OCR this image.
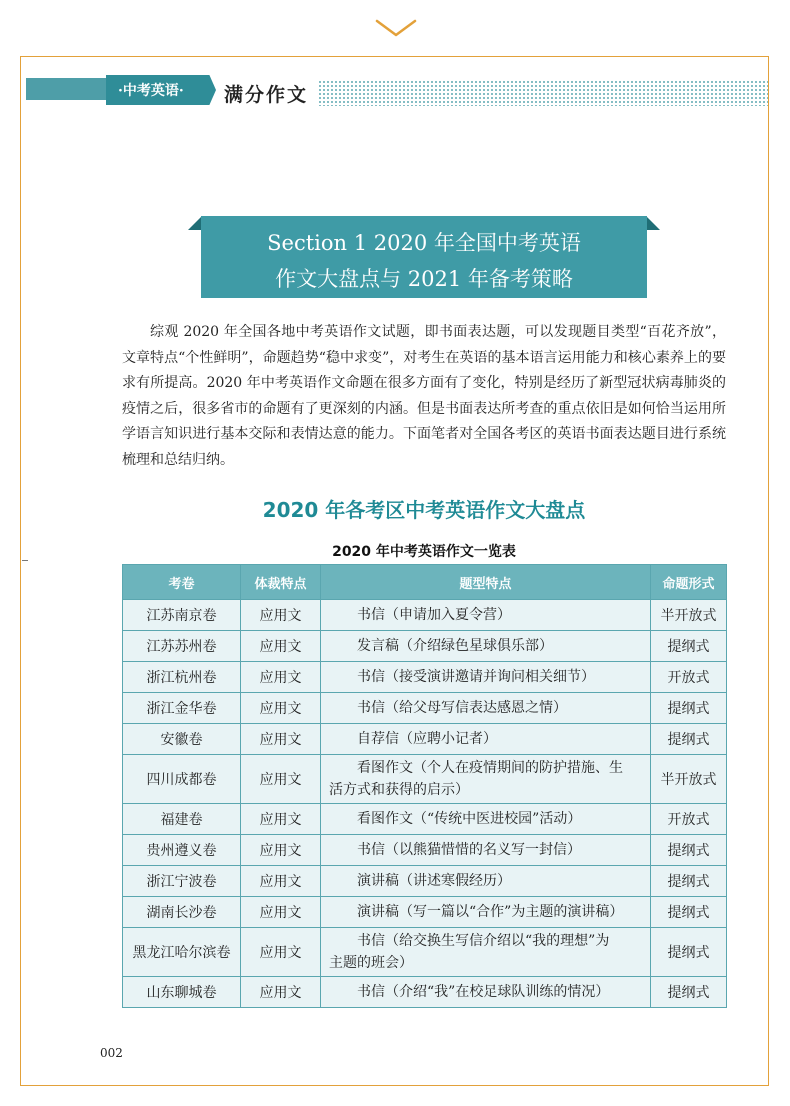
·中考英语·	满分作文
Section 1 2020 年全国中考英语
作文大盘点与 2021 年备考策略

综观 2020 年全国各地中考英语作文试题，即书面表达题，可以发现题目类型“百花齐放”，文章特点“个性鲜明”，命题趋势“稳中求变”，对考生在英语的基本语言运用能力和核心素养上的要求有所提高。2020 年中考英语作文命题在很多方面有了变化，特别是经历了新型冠状病毒肺炎的疫情之后，很多省市的命题有了更深刻的内涵。但是书面表达所考查的重点依旧是如何恰当运用所学语言知识进行基本交际和表情达意的能力。下面笔者对全国各考区的英语书面表达题目进行系统梳理和总结归纳。

2020 年各考区中考英语作文大盘点
2020 年中考英语作文一览表
考卷	体裁特点	题型特点	命题形式
江苏南京卷	应用文	书信（申请加入夏令营）	半开放式
江苏苏州卷	应用文	发言稿（介绍绿色星球俱乐部）	提纲式
浙江杭州卷	应用文	书信（接受演讲邀请并询问相关细节）	开放式
浙江金华卷	应用文	书信（给父母写信表达感恩之情）	提纲式
安徽卷	应用文	自荐信（应聘小记者）	提纲式
四川成都卷	应用文	看图作文（个人在疫情期间的防护措施、生
活方式和获得的启示）	半开放式
福建卷	应用文	看图作文（“传统中医进校园”活动）	开放式
贵州遵义卷	应用文	书信（以熊猫惜惜的名义写一封信）	提纲式
浙江宁波卷	应用文	演讲稿（讲述寒假经历）	提纲式
湖南长沙卷	应用文	演讲稿（写一篇以“合作”为主题的演讲稿）	提纲式
黑龙江哈尔滨卷	应用文	书信（给交换生写信介绍以“我的理想”为
主题的班会）	提纲式
山东聊城卷	应用文	书信（介绍“我”在校足球队训练的情况）	提纲式
002
